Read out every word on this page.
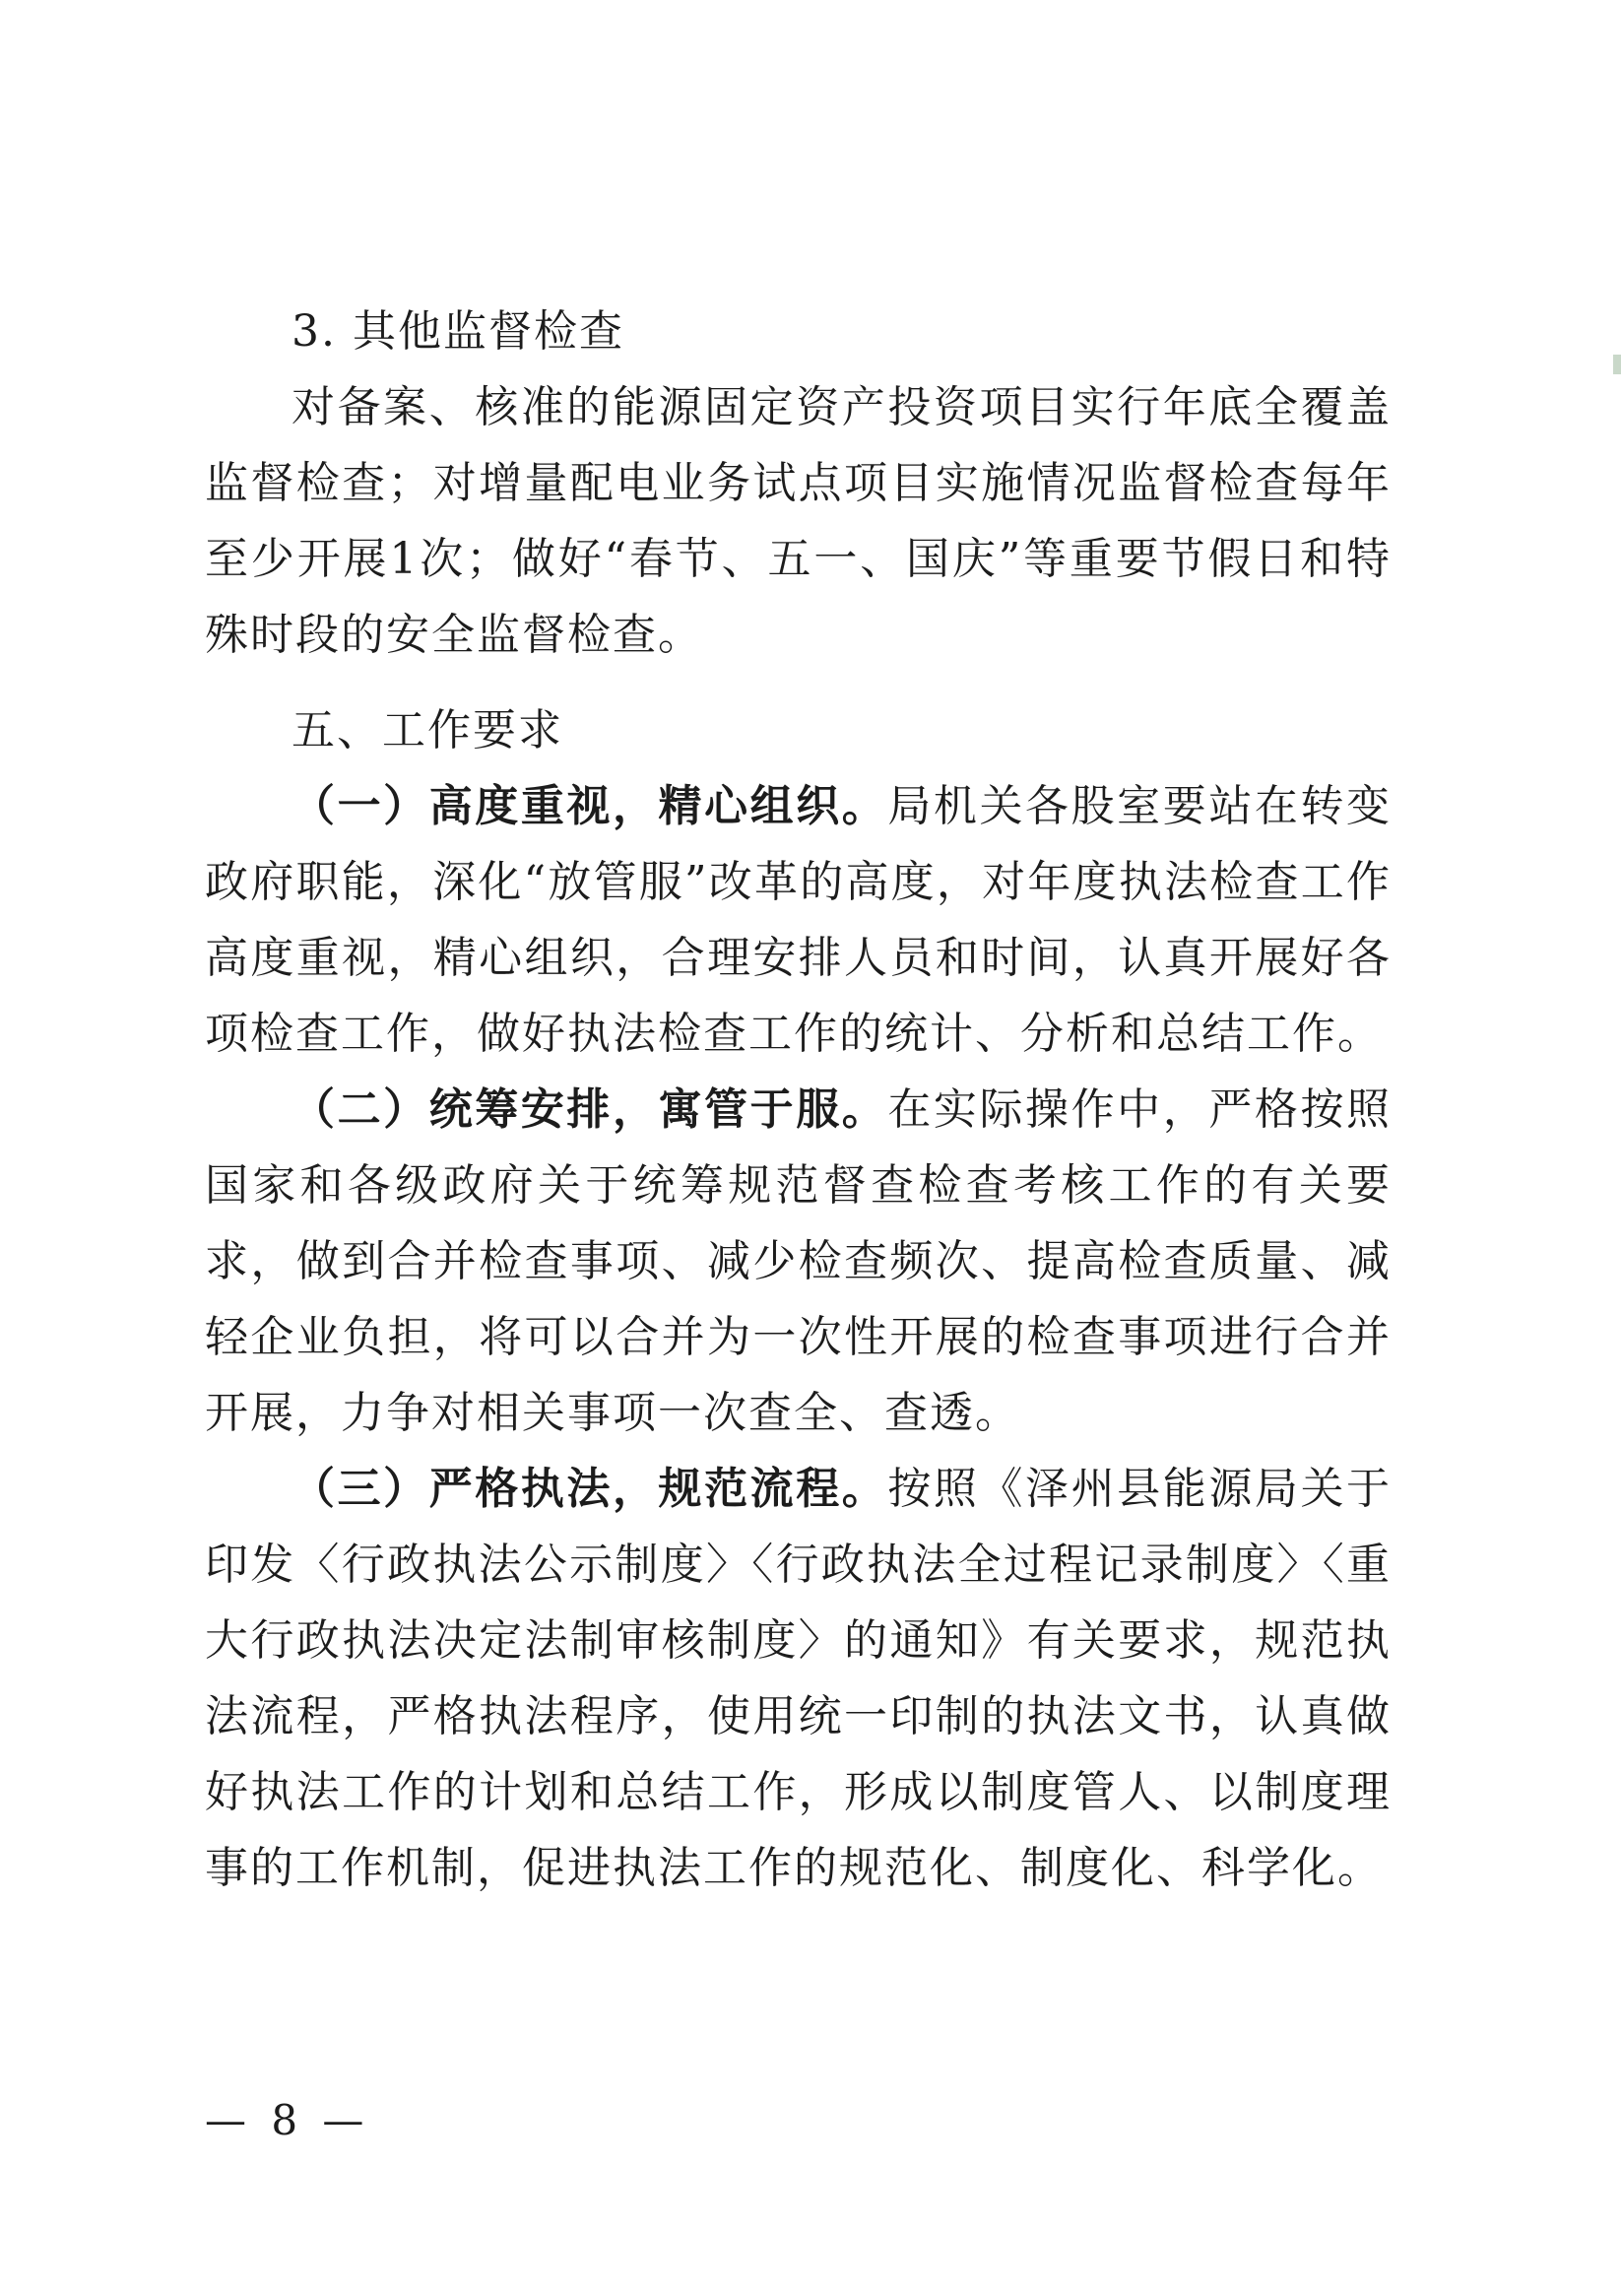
3. 其他监督检查

对备案、核准的能源固定资产投资项目实行年底全覆盖监督检查；对增量配电业务试点项目实施情况监督检查每年至少开展1次；做好“春节、五一、国庆”等重要节假日和特殊时段的安全监督检查。

五、工作要求

（一）高度重视，精心组织。局机关各股室要站在转变政府职能，深化“放管服”改革的高度，对年度执法检查工作高度重视，精心组织，合理安排人员和时间，认真开展好各项检查工作，做好执法检查工作的统计、分析和总结工作。

（二）统筹安排，寓管于服。在实际操作中，严格按照国家和各级政府关于统筹规范督查检查考核工作的有关要求，做到合并检查事项、减少检查频次、提高检查质量、减轻企业负担，将可以合并为一次性开展的检查事项进行合并开展，力争对相关事项一次查全、查透。

（三）严格执法，规范流程。按照《泽州县能源局关于印发〈行政执法公示制度〉〈行政执法全过程记录制度〉〈重大行政执法决定法制审核制度〉的通知》有关要求，规范执法流程，严格执法程序，使用统一印制的执法文书，认真做好执法工作的计划和总结工作，形成以制度管人、以制度理事的工作机制，促进执法工作的规范化、制度化、科学化。

— 8 —
